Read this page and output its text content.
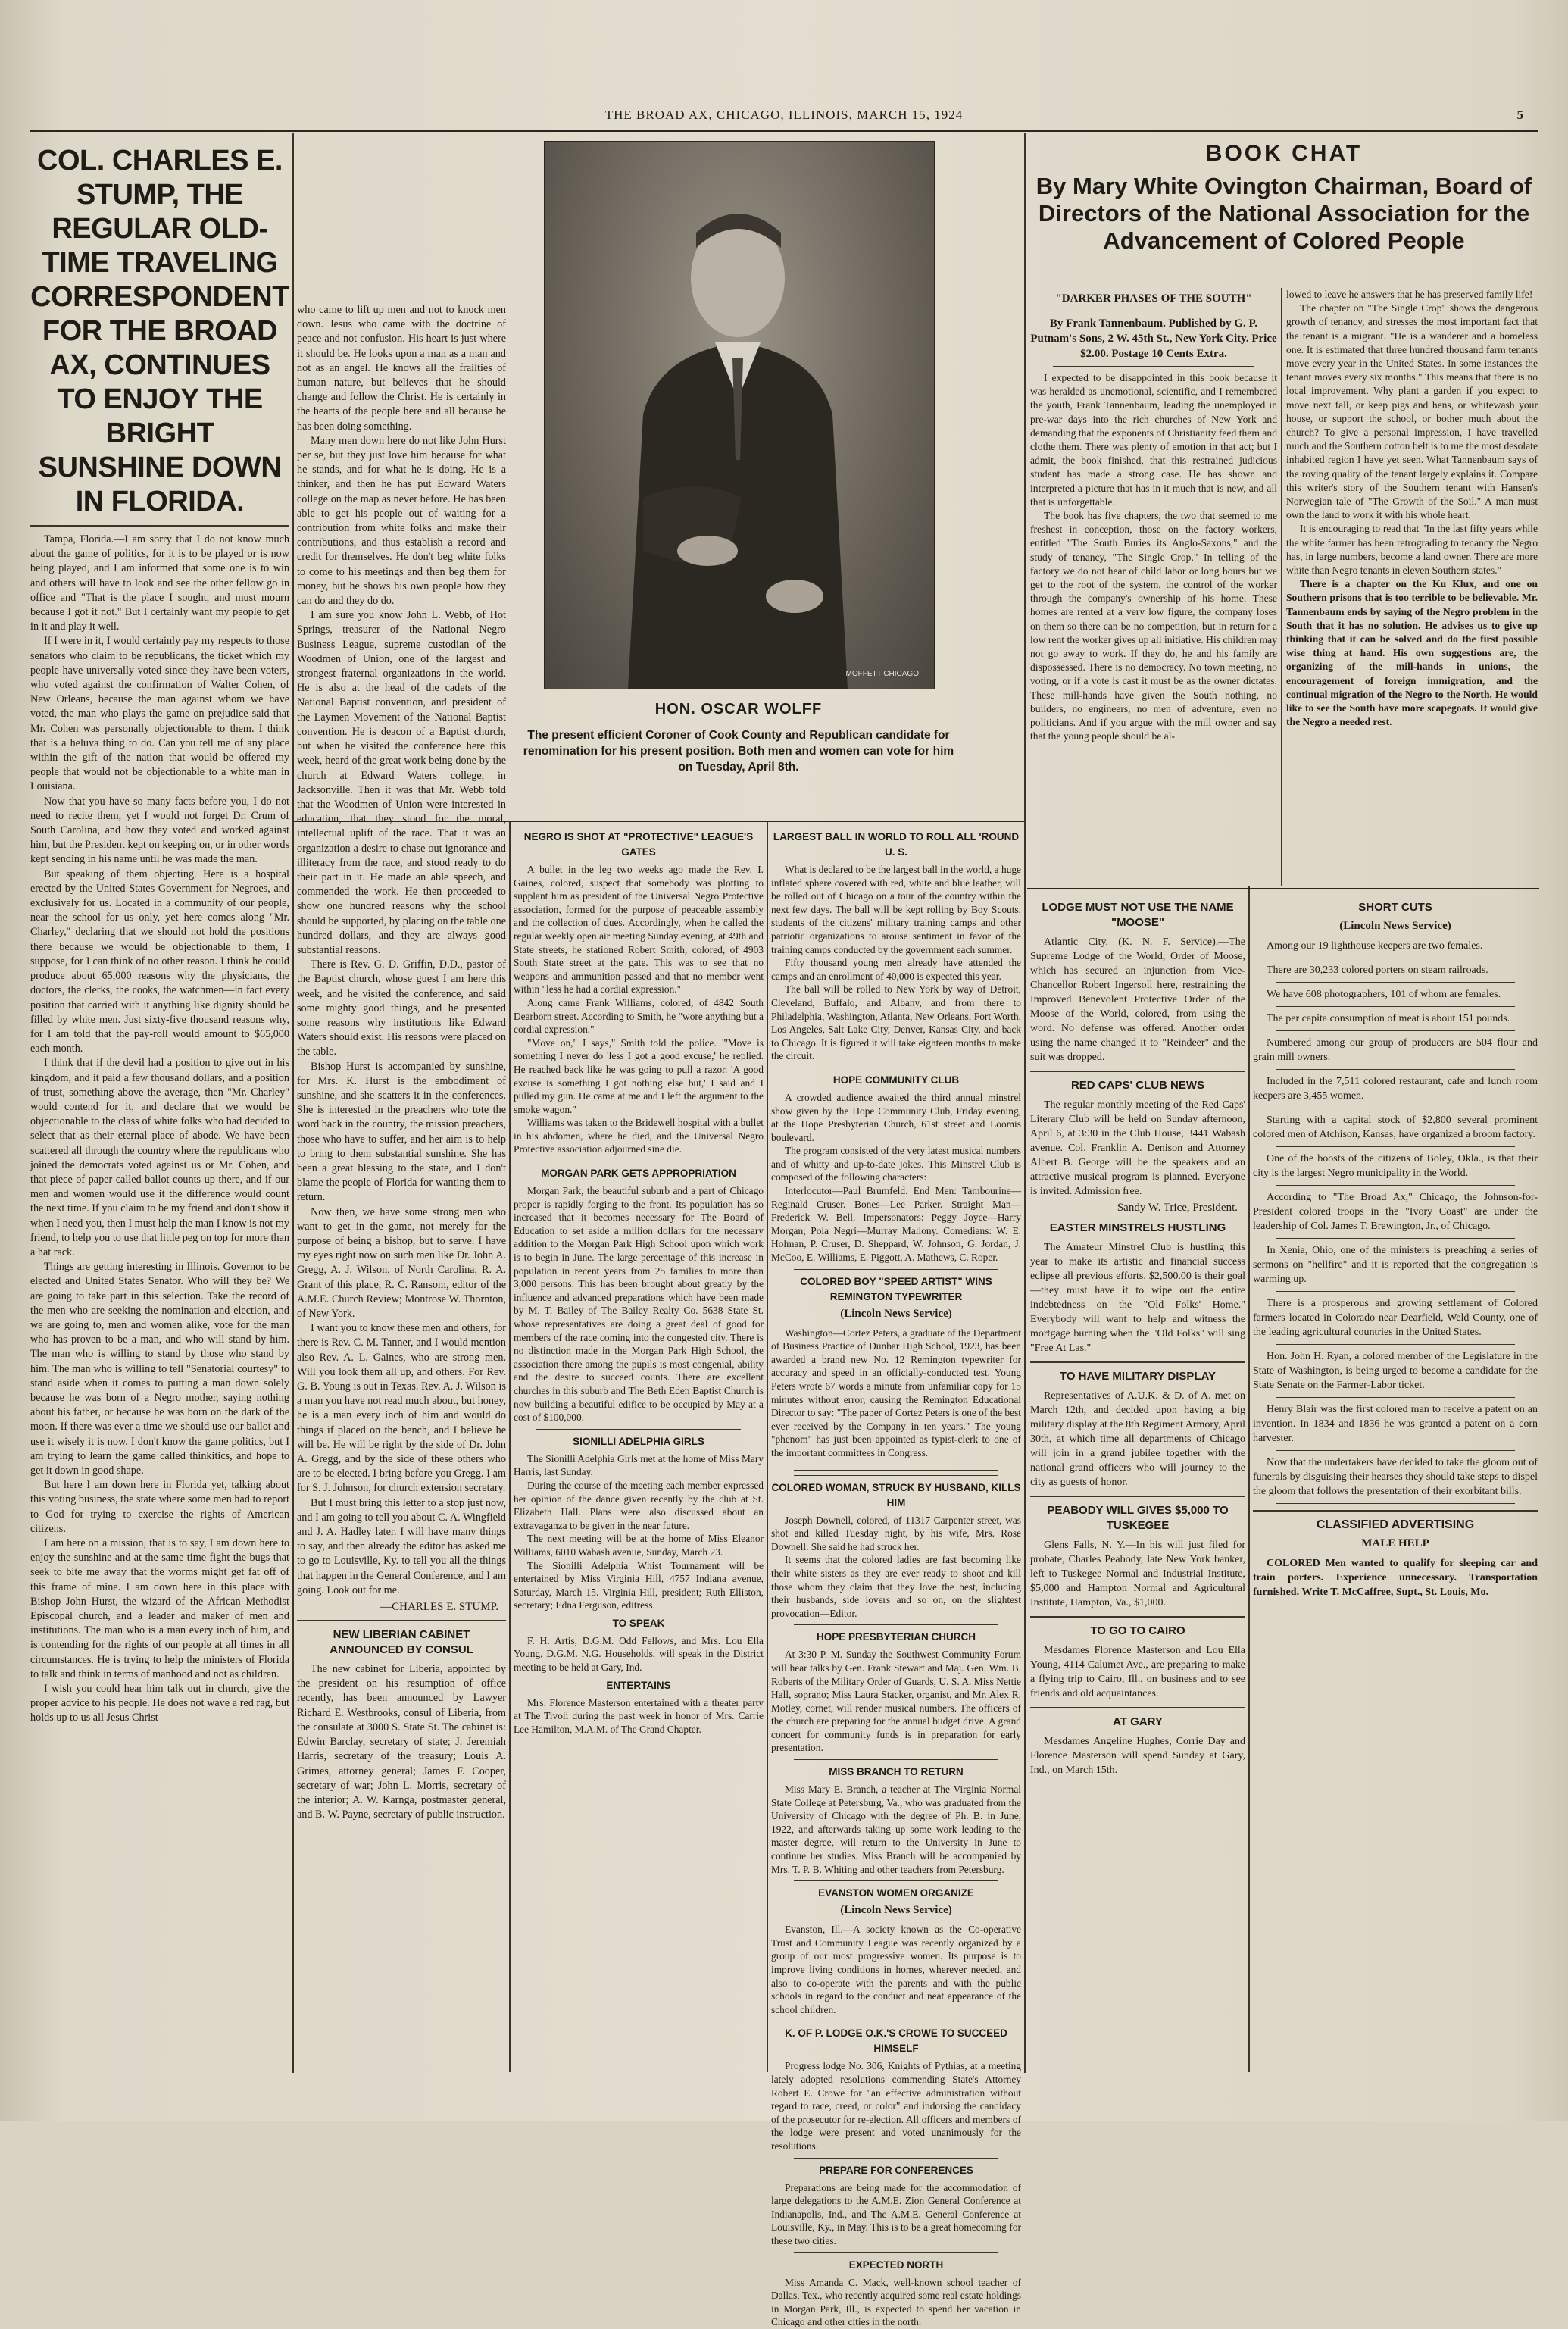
THE BROAD AX, CHICAGO, ILLINOIS, MARCH 15, 1924	5
COL. CHARLES E. STUMP, THE REGULAR OLD-TIME TRAVELING CORRESPONDENT FOR THE BROAD AX, CONTINUES TO ENJOY THE BRIGHT SUNSHINE DOWN IN FLORIDA.

Tampa, Florida.—I am sorry that I do not know much about the game of politics, for it is to be played or is now being played, and I am informed that some one is to win and others will have to look and see the other fellow go in office and "That is the place I sought, and must mourn because I got it not." But I certainly want my people to get in it and play it well.

If I were in it, I would certainly pay my respects to those senators who claim to be republicans, the ticket which my people have universally voted since they have been voters, who voted against the confirmation of Walter Cohen, of New Orleans, because the man against whom we have voted, the man who plays the game on prejudice said that Mr. Cohen was personally objectionable to them. I think that is a heluva thing to do. Can you tell me of any place within the gift of the nation that would be offered my people that would not be objectionable to a white man in Louisiana.

Now that you have so many facts before you, I do not need to recite them, yet I would not forget Dr. Crum of South Carolina, and how they voted and worked against him, but the President kept on keeping on, or in other words kept sending in his name until he was made the man.

But speaking of them objecting. Here is a hospital erected by the United States Government for Negroes, and exclusively for us. Located in a community of our people, near the school for us only, yet here comes along "Mr. Charley," declaring that we should not hold the positions there because we would be objectionable to them, I suppose, for I can think of no other reason. I think he could produce about 65,000 reasons why the physicians, the doctors, the clerks, the cooks, the watchmen—in fact every position that carried with it anything like dignity should be filled by white men. Just sixty-five thousand reasons why, for I am told that the pay-roll would amount to $65,000 each month.

I think that if the devil had a position to give out in his kingdom, and it paid a few thousand dollars, and a position of trust, something above the average, then "Mr. Charley" would contend for it, and declare that we would be objectionable to the class of white folks who had decided to select that as their eternal place of abode. We have been scattered all through the country where the republicans who joined the democrats voted against us or Mr. Cohen, and that piece of paper called ballot counts up there, and if our men and women would use it the difference would count the next time. If you claim to be my friend and don't show it when I need you, then I must help the man I know is not my friend, to help you to use that little peg on top for more than a hat rack.

Things are getting interesting in Illinois. Governor to be elected and United States Senator. Who will they be? We are going to take part in this selection. Take the record of the men who are seeking the nomination and election, and we are going to, men and women alike, vote for the man who has proven to be a man, and who will stand by him. The man who is willing to stand by those who stand by him. The man who is willing to tell "Senatorial courtesy" to stand aside when it comes to putting a man down solely because he was born of a Negro mother, saying nothing about his father, or because he was born on the dark of the moon. If there was ever a time we should use our ballot and use it wisely it is now. I don't know the game politics, but I am trying to learn the game called thinkitics, and hope to get it down in good shape.

But here I am down here in Florida yet, talking about this voting business, the state where some men had to report to God for trying to exercise the rights of American citizens.

I am here on a mission, that is to say, I am down here to enjoy the sunshine and at the same time fight the bugs that seek to bite me away that the worms might get fat off of this frame of mine. I am down here in this place with Bishop John Hurst, the wizard of the African Methodist Episcopal church, and a leader and maker of men and institutions. The man who is a man every inch of him, and is contending for the rights of our people at all times in all circumstances. He is trying to help the ministers of Florida to talk and think in terms of manhood and not as children.

I wish you could hear him talk out in church, give the proper advice to his people. He does not wave a red rag, but holds up to us all Jesus Christ

who came to lift up men and not to knock men down. Jesus who came with the doctrine of peace and not confusion. His heart is just where it should be. He looks upon a man as a man and not as an angel. He knows all the frailties of human nature, but believes that he should change and follow the Christ. He is certainly in the hearts of the people here and all because he has been doing something.

Many men down here do not like John Hurst per se, but they just love him because for what he stands, and for what he is doing. He is a thinker, and then he has put Edward Waters college on the map as never before. He has been able to get his people out of waiting for a contribution from white folks and make their contributions, and thus establish a record and credit for themselves. He don't beg white folks to come to his meetings and then beg them for money, but he shows his own people how they can do and they do do.

I am sure you know John L. Webb, of Hot Springs, treasurer of the National Negro Business League, supreme custodian of the Woodmen of Union, one of the largest and strongest fraternal organizations in the world. He is also at the head of the cadets of the National Baptist convention, and president of the Laymen Movement of the National Baptist convention. He is deacon of a Baptist church, but when he visited the conference here this week, heard of the great work being done by the church at Edward Waters college, in Jacksonville. Then it was that Mr. Webb told that the Woodmen of Union were interested in education, that they stood for the moral, intellectual uplift of the race. That it was an organization a desire to chase out ignorance and illiteracy from the race, and stood ready to do their part in it. He made an able speech, and commended the work. He then proceeded to show one hundred reasons why the school should be supported, by placing on the table one hundred dollars, and they are always good substantial reasons.

There is Rev. G. D. Griffin, D.D., pastor of the Baptist church, whose guest I am here this week, and he visited the conference, and said some mighty good things, and he presented some reasons why institutions like Edward Waters should exist. His reasons were placed on the table.

Bishop Hurst is accompanied by sunshine, for Mrs. K. Hurst is the embodiment of sunshine, and she scatters it in the conferences. She is interested in the preachers who tote the word back in the country, the mission preachers, those who have to suffer, and her aim is to help to bring to them substantial sunshine. She has been a great blessing to the state, and I don't blame the people of Florida for wanting them to return.

Now then, we have some strong men who want to get in the game, not merely for the purpose of being a bishop, but to serve. I have my eyes right now on such men like Dr. John A. Gregg, A. J. Wilson, of North Carolina, R. A. Grant of this place, R. C. Ransom, editor of the A.M.E. Church Review; Montrose W. Thornton, of New York.

I want you to know these men and others, for there is Rev. C. M. Tanner, and I would mention also Rev. A. L. Gaines, who are strong men. Will you look them all up, and others. For Rev. G. B. Young is out in Texas. Rev. A. J. Wilson is a man you have not read much about, but honey, he is a man every inch of him and would do things if placed on the bench, and I believe he will be. He will be right by the side of Dr. John A. Gregg, and by the side of these others who are to be elected. I bring before you Gregg. I am for S. J. Johnson, for church extension secretary.

But I must bring this letter to a stop just now, and I am going to tell you about C. A. Wingfield and J. A. Hadley later. I will have many things to say, and then already the editor has asked me to go to Louisville, Ky. to tell you all the things that happen in the General Conference, and I am going. Look out for me.

—CHARLES E. STUMP.
NEW LIBERIAN CABINET ANNOUNCED BY CONSUL

The new cabinet for Liberia, appointed by the president on his resumption of office recently, has been announced by Lawyer Richard E. Westbrooks, consul of Liberia, from the consulate at 3000 S. State St. The cabinet is: Edwin Barclay, secretary of state; J. Jeremiah Harris, secretary of the treasury; Louis A. Grimes, attorney general; James F. Cooper, secretary of war; John L. Morris, secretary of the interior; A. W. Karnga, postmaster general, and B. W. Payne, secretary of public instruction.

MOFFETT CHICAGO
HON. OSCAR WOLFF
The present efficient Coroner of Cook County and Republican candidate for renomination for his present position. Both men and women can vote for him on Tuesday, April 8th.
NEGRO IS SHOT AT "PROTECTIVE" LEAGUE'S GATES

A bullet in the leg two weeks ago made the Rev. I. Gaines, colored, suspect that somebody was plotting to supplant him as president of the Universal Negro Protective association, formed for the purpose of peaceable assembly and the collection of dues. Accordingly, when he called the regular weekly open air meeting Sunday evening, at 49th and State streets, he stationed Robert Smith, colored, of 4903 South State street at the gate. This was to see that no weapons and ammunition passed and that no member went within "less he had a cordial expression."

Along came Frank Williams, colored, of 4842 South Dearborn street. According to Smith, he "wore anything but a cordial expression."

"Move on," I says," Smith told the police. "'Move is something I never do 'less I got a good excuse,' he replied. He reached back like he was going to pull a razor. 'A good excuse is something I got nothing else but,' I said and I pulled my gun. He came at me and I left the argument to the smoke wagon."

Williams was taken to the Bridewell hospital with a bullet in his abdomen, where he died, and the Universal Negro Protective association adjourned sine die.

MORGAN PARK GETS APPROPRIATION

Morgan Park, the beautiful suburb and a part of Chicago proper is rapidly forging to the front. Its population has so increased that it becomes necessary for The Board of Education to set aside a million dollars for the necessary addition to the Morgan Park High School upon which work is to begin in June. The large percentage of this increase in population in recent years from 25 families to more than 3,000 persons. This has been brought about greatly by the influence and advanced preparations which have been made by M. T. Bailey of The Bailey Realty Co. 5638 State St. whose representatives are doing a great deal of good for members of the race coming into the congested city. There is no distinction made in the Morgan Park High School, the association there among the pupils is most congenial, ability and the desire to succeed counts. There are excellent churches in this suburb and The Beth Eden Baptist Church is now building a beautiful edifice to be occupied by May at a cost of $100,000.

SIONILLI ADELPHIA GIRLS

The Sionilli Adelphia Girls met at the home of Miss Mary Harris, last Sunday.

During the course of the meeting each member expressed her opinion of the dance given recently by the club at St. Elizabeth Hall. Plans were also discussed about an extravaganza to be given in the near future.

The next meeting will be at the home of Miss Eleanor Williams, 6010 Wabash avenue, Sunday, March 23.

The Sionilli Adelphia Whist Tournament will be entertained by Miss Virginia Hill, 4757 Indiana avenue, Saturday, March 15. Virginia Hill, president; Ruth Elliston, secretary; Edna Ferguson, editress.

TO SPEAK

F. H. Artis, D.G.M. Odd Fellows, and Mrs. Lou Ella Young, D.G.M. N.G. Households, will speak in the District meeting to be held at Gary, Ind.

ENTERTAINS

Mrs. Florence Masterson entertained with a theater party at The Tivoli during the past week in honor of Mrs. Carrie Lee Hamilton, M.A.M. of The Grand Chapter.

LARGEST BALL IN WORLD TO ROLL ALL 'ROUND U. S.

What is declared to be the largest ball in the world, a huge inflated sphere covered with red, white and blue leather, will be rolled out of Chicago on a tour of the country within the next few days. The ball will be kept rolling by Boy Scouts, students of the citizens' military training camps and other patriotic organizations to arouse sentiment in favor of the training camps conducted by the government each summer.

Fifty thousand young men already have attended the camps and an enrollment of 40,000 is expected this year.

The ball will be rolled to New York by way of Detroit, Cleveland, Buffalo, and Albany, and from there to Philadelphia, Washington, Atlanta, New Orleans, Fort Worth, Los Angeles, Salt Lake City, Denver, Kansas City, and back to Chicago. It is figured it will take eighteen months to make the circuit.

HOPE COMMUNITY CLUB

A crowded audience awaited the third annual minstrel show given by the Hope Community Club, Friday evening, at the Hope Presbyterian Church, 61st street and Loomis boulevard.

The program consisted of the very latest musical numbers and of whitty and up-to-date jokes. This Minstrel Club is composed of the following characters:

Interlocutor—Paul Brumfeld. End Men: Tambourine—Reginald Cruser. Bones—Lee Parker. Straight Man—Frederick W. Bell. Impersonators: Peggy Joyce—Harry Morgan; Pola Negri—Murray Mallony. Comedians: W. E. Holman, P. Cruser, D. Sheppard, W. Johnson, G. Jordan, J. McCoo, E. Williams, E. Piggott, A. Mathews, C. Roper.

COLORED BOY "SPEED ARTIST" WINS REMINGTON TYPEWRITER
(Lincoln News Service)

Washington—Cortez Peters, a graduate of the Department of Business Practice of Dunbar High School, 1923, has been awarded a brand new No. 12 Remington typewriter for accuracy and speed in an officially-conducted test. Young Peters wrote 67 words a minute from unfamiliar copy for 15 minutes without error, causing the Remington Educational Director to say: "The paper of Cortez Peters is one of the best ever received by the Company in ten years." The young "phenom" has just been appointed as typist-clerk to one of the important committees in Congress.

COLORED WOMAN, STRUCK BY HUSBAND, KILLS HIM

Joseph Downell, colored, of 11317 Carpenter street, was shot and killed Tuesday night, by his wife, Mrs. Rose Downell. She said he had struck her.

It seems that the colored ladies are fast becoming like their white sisters as they are ever ready to shoot and kill those whom they claim that they love the best, including their husbands, side lovers and so on, on the slightest provocation—Editor.

HOPE PRESBYTERIAN CHURCH

At 3:30 P. M. Sunday the Southwest Community Forum will hear talks by Gen. Frank Stewart and Maj. Gen. Wm. B. Roberts of the Military Order of Guards, U. S. A. Miss Nettie Hall, soprano; Miss Laura Stacker, organist, and Mr. Alex R. Motley, cornet, will render musical numbers. The officers of the church are preparing for the annual budget drive. A grand concert for community funds is in preparation for early presentation.

MISS BRANCH TO RETURN

Miss Mary E. Branch, a teacher at The Virginia Normal State College at Petersburg, Va., who was graduated from the University of Chicago with the degree of Ph. B. in June, 1922, and afterwards taking up some work leading to the master degree, will return to the University in June to continue her studies. Miss Branch will be accompanied by Mrs. T. P. B. Whiting and other teachers from Petersburg.

EVANSTON WOMEN ORGANIZE
(Lincoln News Service)

Evanston, Ill.—A society known as the Co-operative Trust and Community League was recently organized by a group of our most progressive women. Its purpose is to improve living conditions in homes, wherever needed, and also to co-operate with the parents and with the public schools in regard to the conduct and neat appearance of the school children.

K. OF P. LODGE O.K.'S CROWE TO SUCCEED HIMSELF

Progress lodge No. 306, Knights of Pythias, at a meeting lately adopted resolutions commending State's Attorney Robert E. Crowe for "an effective administration without regard to race, creed, or color" and indorsing the candidacy of the prosecutor for re-election. All officers and members of the lodge were present and voted unanimously for the resolutions.

PREPARE FOR CONFERENCES

Preparations are being made for the accommodation of large delegations to the A.M.E. Zion General Conference at Indianapolis, Ind., and The A.M.E. General Conference at Louisville, Ky., in May. This is to be a great homecoming for these two cities.

EXPECTED NORTH

Miss Amanda C. Mack, well-known school teacher of Dallas, Tex., who recently acquired some real estate holdings in Morgan Park, Ill., is expected to spend her vacation in Chicago and other cities in the north.

BOOK CHAT
By Mary White Ovington Chairman, Board of Directors of the National Association for the Advancement of Colored People
"DARKER PHASES OF THE SOUTH"
By Frank Tannenbaum. Published by G. P. Putnam's Sons, 2 W. 45th St., New York City. Price $2.00. Postage 10 Cents Extra.

I expected to be disappointed in this book because it was heralded as unemotional, scientific, and I remembered the youth, Frank Tannenbaum, leading the unemployed in pre-war days into the rich churches of New York and demanding that the exponents of Christianity feed them and clothe them. There was plenty of emotion in that act; but I admit, the book finished, that this restrained judicious student has made a strong case. He has shown and interpreted a picture that has in it much that is new, and all that is unforgettable.

The book has five chapters, the two that seemed to me freshest in conception, those on the factory workers, entitled "The South Buries its Anglo-Saxons," and the study of tenancy, "The Single Crop." In telling of the factory we do not hear of child labor or long hours but we get to the root of the system, the control of the worker through the company's ownership of his home. These homes are rented at a very low figure, the company loses on them so there can be no competition, but in return for a low rent the worker gives up all initiative. His children may not go away to work. If they do, he and his family are dispossessed. There is no democracy. No town meeting, no voting, or if a vote is cast it must be as the owner dictates. These mill-hands have given the South nothing, no builders, no engineers, no men of adventure, even no politicians. And if you argue with the mill owner and say that the young people should be al-

lowed to leave he answers that he has preserved family life!

The chapter on "The Single Crop" shows the dangerous growth of tenancy, and stresses the most important fact that the tenant is a migrant. "He is a wanderer and a homeless one. It is estimated that three hundred thousand farm tenants move every year in the United States. In some instances the tenant moves every six months." This means that there is no local improvement. Why plant a garden if you expect to move next fall, or keep pigs and hens, or whitewash your house, or support the school, or bother much about the church? To give a personal impression, I have travelled much and the Southern cotton belt is to me the most desolate inhabited region I have yet seen. What Tannenbaum says of the roving quality of the tenant largely explains it. Compare this writer's story of the Southern tenant with Hansen's Norwegian tale of "The Growth of the Soil." A man must own the land to work it with his whole heart.

It is encouraging to read that "In the last fifty years while the white farmer has been retrograding to tenancy the Negro has, in large numbers, become a land owner. There are more white than Negro tenants in eleven Southern states."

There is a chapter on the Ku Klux, and one on Southern prisons that is too terrible to be believable. Mr. Tannenbaum ends by saying of the Negro problem in the South that it has no solution. He advises us to give up thinking that it can be solved and do the first possible wise thing at hand. His own suggestions are, the organizing of the mill-hands in unions, the encouragement of foreign immigration, and the continual migration of the Negro to the North. He would like to see the South have more scapegoats. It would give the Negro a needed rest.

LODGE MUST NOT USE THE NAME "MOOSE"

Atlantic City, (K. N. F. Service).—The Supreme Lodge of the World, Order of Moose, which has secured an injunction from Vice-Chancellor Robert Ingersoll here, restraining the Improved Benevolent Protective Order of the Moose of the World, colored, from using the word. No defense was offered. Another order using the name changed it to "Reindeer" and the suit was dropped.

RED CAPS' CLUB NEWS

The regular monthly meeting of the Red Caps' Literary Club will be held on Sunday afternoon, April 6, at 3:30 in the Club House, 3441 Wabash avenue. Col. Franklin A. Denison and Attorney Albert B. George will be the speakers and an attractive musical program is planned. Everyone is invited. Admission free.

Sandy W. Trice, President.
EASTER MINSTRELS HUSTLING

The Amateur Minstrel Club is hustling this year to make its artistic and financial success eclipse all previous efforts. $2,500.00 is their goal—they must have it to wipe out the entire indebtedness on the "Old Folks' Home." Everybody will want to help and witness the mortgage burning when the "Old Folks" will sing "Free At Las."

TO HAVE MILITARY DISPLAY

Representatives of A.U.K. & D. of A. met on March 12th, and decided upon having a big military display at the 8th Regiment Armory, April 30th, at which time all departments of Chicago will join in a grand jubilee together with the national grand officers who will journey to the city as guests of honor.

PEABODY WILL GIVES $5,000 TO TUSKEGEE

Glens Falls, N. Y.—In his will just filed for probate, Charles Peabody, late New York banker, left to Tuskegee Normal and Industrial Institute, $5,000 and Hampton Normal and Agricultural Institute, Hampton, Va., $1,000.

TO GO TO CAIRO

Mesdames Florence Masterson and Lou Ella Young, 4114 Calumet Ave., are preparing to make a flying trip to Cairo, Ill., on business and to see friends and old acquaintances.

AT GARY

Mesdames Angeline Hughes, Corrie Day and Florence Masterson will spend Sunday at Gary, Ind., on March 15th.

SHORT CUTS
(Lincoln News Service)

Among our 19 lighthouse keepers are two females.

There are 30,233 colored porters on steam railroads.

We have 608 photographers, 101 of whom are females.

The per capita consumption of meat is about 151 pounds.

Numbered among our group of producers are 504 flour and grain mill owners.

Included in the 7,511 colored restaurant, cafe and lunch room keepers are 3,455 women.

Starting with a capital stock of $2,800 several prominent colored men of Atchison, Kansas, have organized a broom factory.

One of the boosts of the citizens of Boley, Okla., is that their city is the largest Negro municipality in the World.

According to "The Broad Ax," Chicago, the Johnson-for-President colored troops in the "Ivory Coast" are under the leadership of Col. James T. Brewington, Jr., of Chicago.

In Xenia, Ohio, one of the ministers is preaching a series of sermons on "hellfire" and it is reported that the congregation is warming up.

There is a prosperous and growing settlement of Colored farmers located in Colorado near Dearfield, Weld County, one of the leading agricultural countries in the United States.

Hon. John H. Ryan, a colored member of the Legislature in the State of Washington, is being urged to become a candidate for the State Senate on the Farmer-Labor ticket.

Henry Blair was the first colored man to receive a patent on an invention. In 1834 and 1836 he was granted a patent on a corn harvester.

Now that the undertakers have decided to take the gloom out of funerals by disguising their hearses they should take steps to dispel the gloom that follows the presentation of their exorbitant bills.

CLASSIFIED ADVERTISING
MALE HELP

COLORED Men wanted to qualify for sleeping car and train porters. Experience unnecessary. Transportation furnished. Write T. McCaffree, Supt., St. Louis, Mo.
